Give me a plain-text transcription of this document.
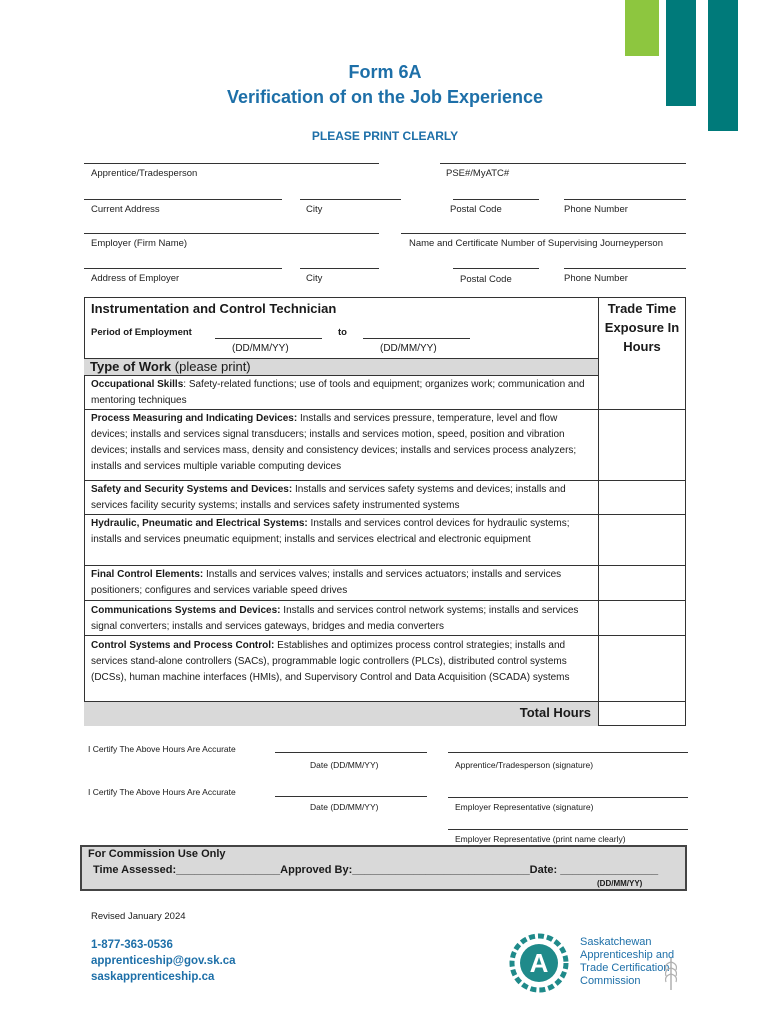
Form 6A
Verification of on the Job Experience
PLEASE PRINT CLEARLY
Apprentice/Tradesperson	PSE#/MyATC#
Current Address	City	Postal Code	Phone Number
Employer (Firm Name)	Name and Certificate Number of Supervising Journeyperson
Address of Employer	City	Postal Code	Phone Number
Instrumentation and Control Technician	Trade Time
Exposure In
Hours
Period of Employment	to
(DD/MM/YY)	(DD/MM/YY)
Type of Work (please print)
Occupational Skills: Safety-related functions; use of tools and equipment; organizes work; communication and mentoring techniques
Process Measuring and Indicating Devices: Installs and services pressure, temperature, level and flow devices; installs and services signal transducers; installs and services motion, speed, position and vibration devices; installs and services mass, density and consistency devices; installs and services process analyzers; installs and services multiple variable computing devices
Safety and Security Systems and Devices: Installs and services safety systems and devices; installs and services facility security systems; installs and services safety instrumented systems
Hydraulic, Pneumatic and Electrical Systems: Installs and services control devices for hydraulic systems; installs and services pneumatic equipment; installs and services electrical and electronic equipment
Final Control Elements: Installs and services valves; installs and services actuators; installs and services positioners; configures and services variable speed drives
Communications Systems and Devices: Installs and services control network systems; installs and services signal converters; installs and services gateways, bridges and media converters
Control Systems and Process Control: Establishes and optimizes process control strategies; installs and services stand-alone controllers (SACs), programmable logic controllers (PLCs), distributed control systems (DCSs), human machine interfaces (HMIs), and Supervisory Control and Data Acquisition (SCADA) systems
Total Hours
I Certify The Above Hours Are Accurate
Date (DD/MM/YY)	Apprentice/Tradesperson (signature)
I Certify The Above Hours Are Accurate
Date (DD/MM/YY)	Employer Representative (signature)
Employer Representative (print name clearly)
For Commission Use Only
Time Assessed:_________________Approved By:_____________________________Date: ________________
(DD/MM/YY)
Revised January 2024
1-877-363-0536
apprenticeship@gov.sk.ca
saskapprenticeship.ca	A
Saskatchewan
Apprenticeship and
Trade Certification
Commission
